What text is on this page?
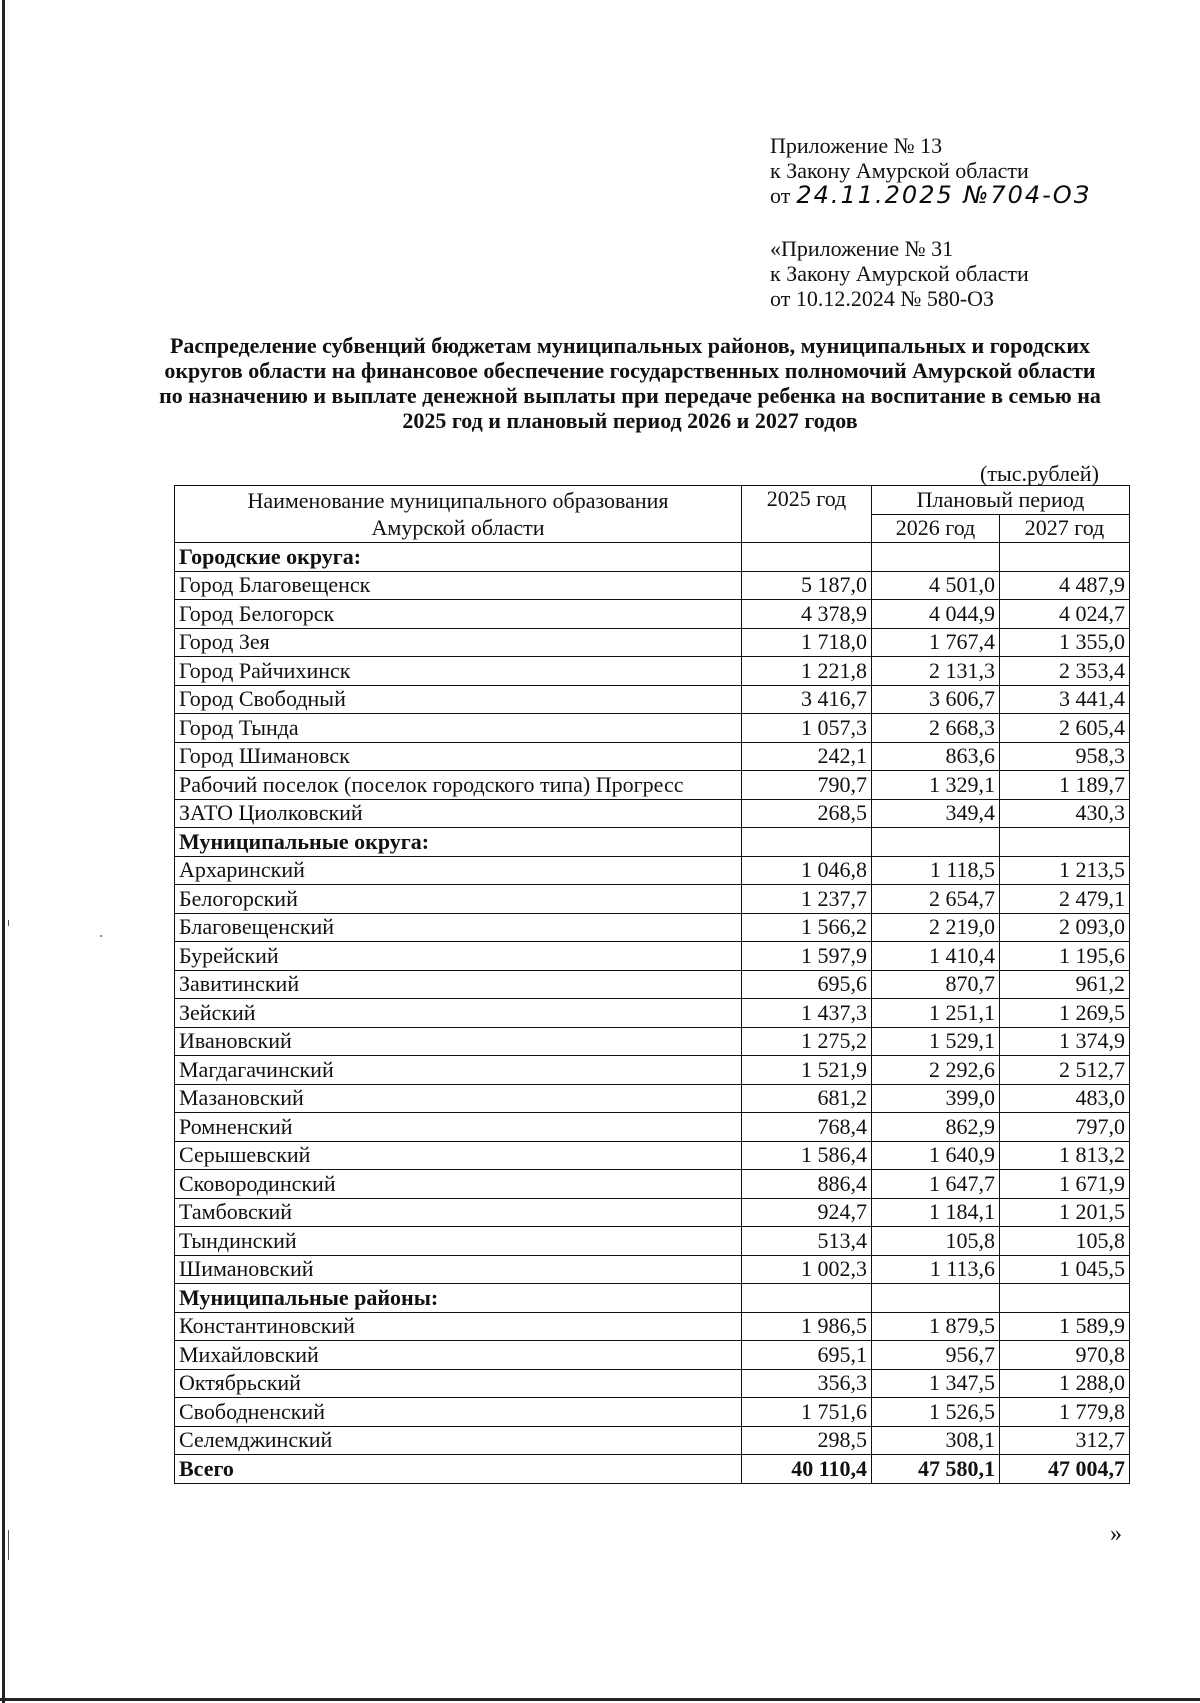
Приложение № 13
к Закону Амурской области
от 24.11.2025 №704-ОЗ
«Приложение № 31
к Закону Амурской области
от 10.12.2024 № 580-ОЗ
Распределение субвенций бюджетам муниципальных районов, муниципальных и городских округов области на финансовое обеспечение государственных полномочий Амурской области по назначению и выплате денежной выплаты при передаче ребенка на воспитание в семью на 2025 год и плановый период 2026 и 2027 годов
(тыс.рублей)
Наименование муниципального образования
Амурской области	2025 год	Плановый период	
		2026 год	2027 год
Городские округа:			
Город Благовещенск	5 187,0	4 501,0	4 487,9
Город Белогорск	4 378,9	4 044,9	4 024,7
Город Зея	1 718,0	1 767,4	1 355,0
Город Райчихинск	1 221,8	2 131,3	2 353,4
Город Свободный	3 416,7	3 606,7	3 441,4
Город Тында	1 057,3	2 668,3	2 605,4
Город Шимановск	242,1	863,6	958,3
Рабочий поселок (поселок городского типа) Прогресс	790,7	1 329,1	1 189,7
ЗАТО Циолковский	268,5	349,4	430,3
Муниципальные округа:			
Архаринский	1 046,8	1 118,5	1 213,5
Белогорский	1 237,7	2 654,7	2 479,1
Благовещенский	1 566,2	2 219,0	2 093,0
Бурейский	1 597,9	1 410,4	1 195,6
Завитинский	695,6	870,7	961,2
Зейский	1 437,3	1 251,1	1 269,5
Ивановский	1 275,2	1 529,1	1 374,9
Магдагачинский	1 521,9	2 292,6	2 512,7
Мазановский	681,2	399,0	483,0
Ромненский	768,4	862,9	797,0
Серышевский	1 586,4	1 640,9	1 813,2
Сковородинский	886,4	1 647,7	1 671,9
Тамбовский	924,7	1 184,1	1 201,5
Тындинский	513,4	105,8	105,8
Шимановский	1 002,3	1 113,6	1 045,5
Муниципальные районы:			
Константиновский	1 986,5	1 879,5	1 589,9
Михайловский	695,1	956,7	970,8
Октябрьский	356,3	1 347,5	1 288,0
Свободненский	1 751,6	1 526,5	1 779,8
Селемджинский	298,5	308,1	312,7
Всего	40 110,4	47 580,1	47 004,7
»
